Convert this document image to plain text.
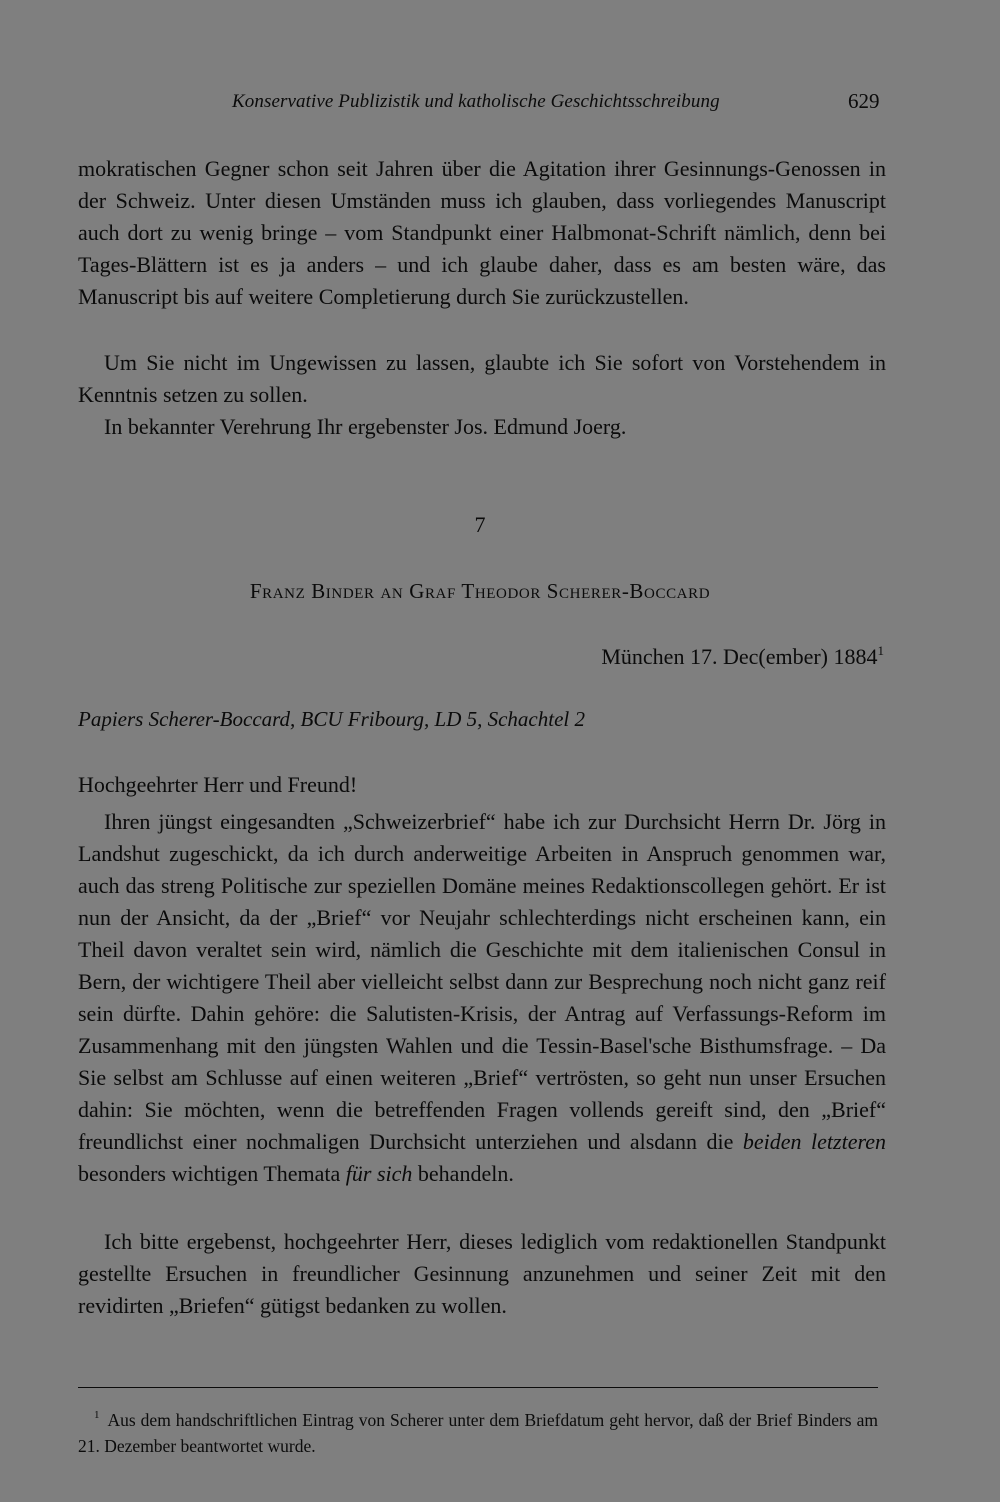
Konservative Publizistik und katholische Geschichtsschreibung	629

mokratischen Gegner schon seit Jahren über die Agitation ihrer Gesinnungs-Genossen in der Schweiz. Unter diesen Umständen muss ich glauben, dass vorliegendes Manuscript auch dort zu wenig bringe – vom Standpunkt einer Halbmonat-Schrift nämlich, denn bei Tages-Blättern ist es ja anders – und ich glaube daher, dass es am besten wäre, das Manuscript bis auf weitere Completierung durch Sie zurückzustellen.

Um Sie nicht im Ungewissen zu lassen, glaubte ich Sie sofort von Vorstehendem in Kenntnis setzen zu sollen.

In bekannter Verehrung Ihr ergebenster Jos. Edmund Joerg.

7
Franz Binder an Graf Theodor Scherer-Boccard
München 17. Dec(ember) 1884$^1$
Papiers Scherer-Boccard, BCU Fribourg, LD 5, Schachtel 2
Hochgeehrter Herr und Freund!

Ihren jüngst eingesandten „Schweizerbrief“ habe ich zur Durchsicht Herrn Dr. Jörg in Landshut zugeschickt, da ich durch anderweitige Arbeiten in Anspruch genommen war, auch das streng Politische zur speziellen Domäne meines Redaktionscollegen gehört. Er ist nun der Ansicht, da der „Brief“ vor Neujahr schlechterdings nicht erscheinen kann, ein Theil davon veraltet sein wird, nämlich die Geschichte mit dem italienischen Consul in Bern, der wichtigere Theil aber vielleicht selbst dann zur Besprechung noch nicht ganz reif sein dürfte. Dahin gehöre: die Salutisten-Krisis, der Antrag auf Verfassungs-Reform im Zusammenhang mit den jüngsten Wahlen und die Tessin-Basel'sche Bisthumsfrage. – Da Sie selbst am Schlusse auf einen weiteren „Brief“ vertrösten, so geht nun unser Ersuchen dahin: Sie möchten, wenn die betreffenden Fragen vollends gereift sind, den „Brief“ freundlichst einer nochmaligen Durchsicht unterziehen und alsdann die beiden letzteren besonders wichtigen Themata für sich behandeln.

Ich bitte ergebenst, hochgeehrter Herr, dieses lediglich vom redaktionellen Standpunkt gestellte Ersuchen in freundlicher Gesinnung anzunehmen und seiner Zeit mit den revidirten „Briefen“ gütigst bedanken zu wollen.

$^1$ Aus dem handschriftlichen Eintrag von Scherer unter dem Briefdatum geht hervor, daß der Brief Binders am 21. Dezember beantwortet wurde.
